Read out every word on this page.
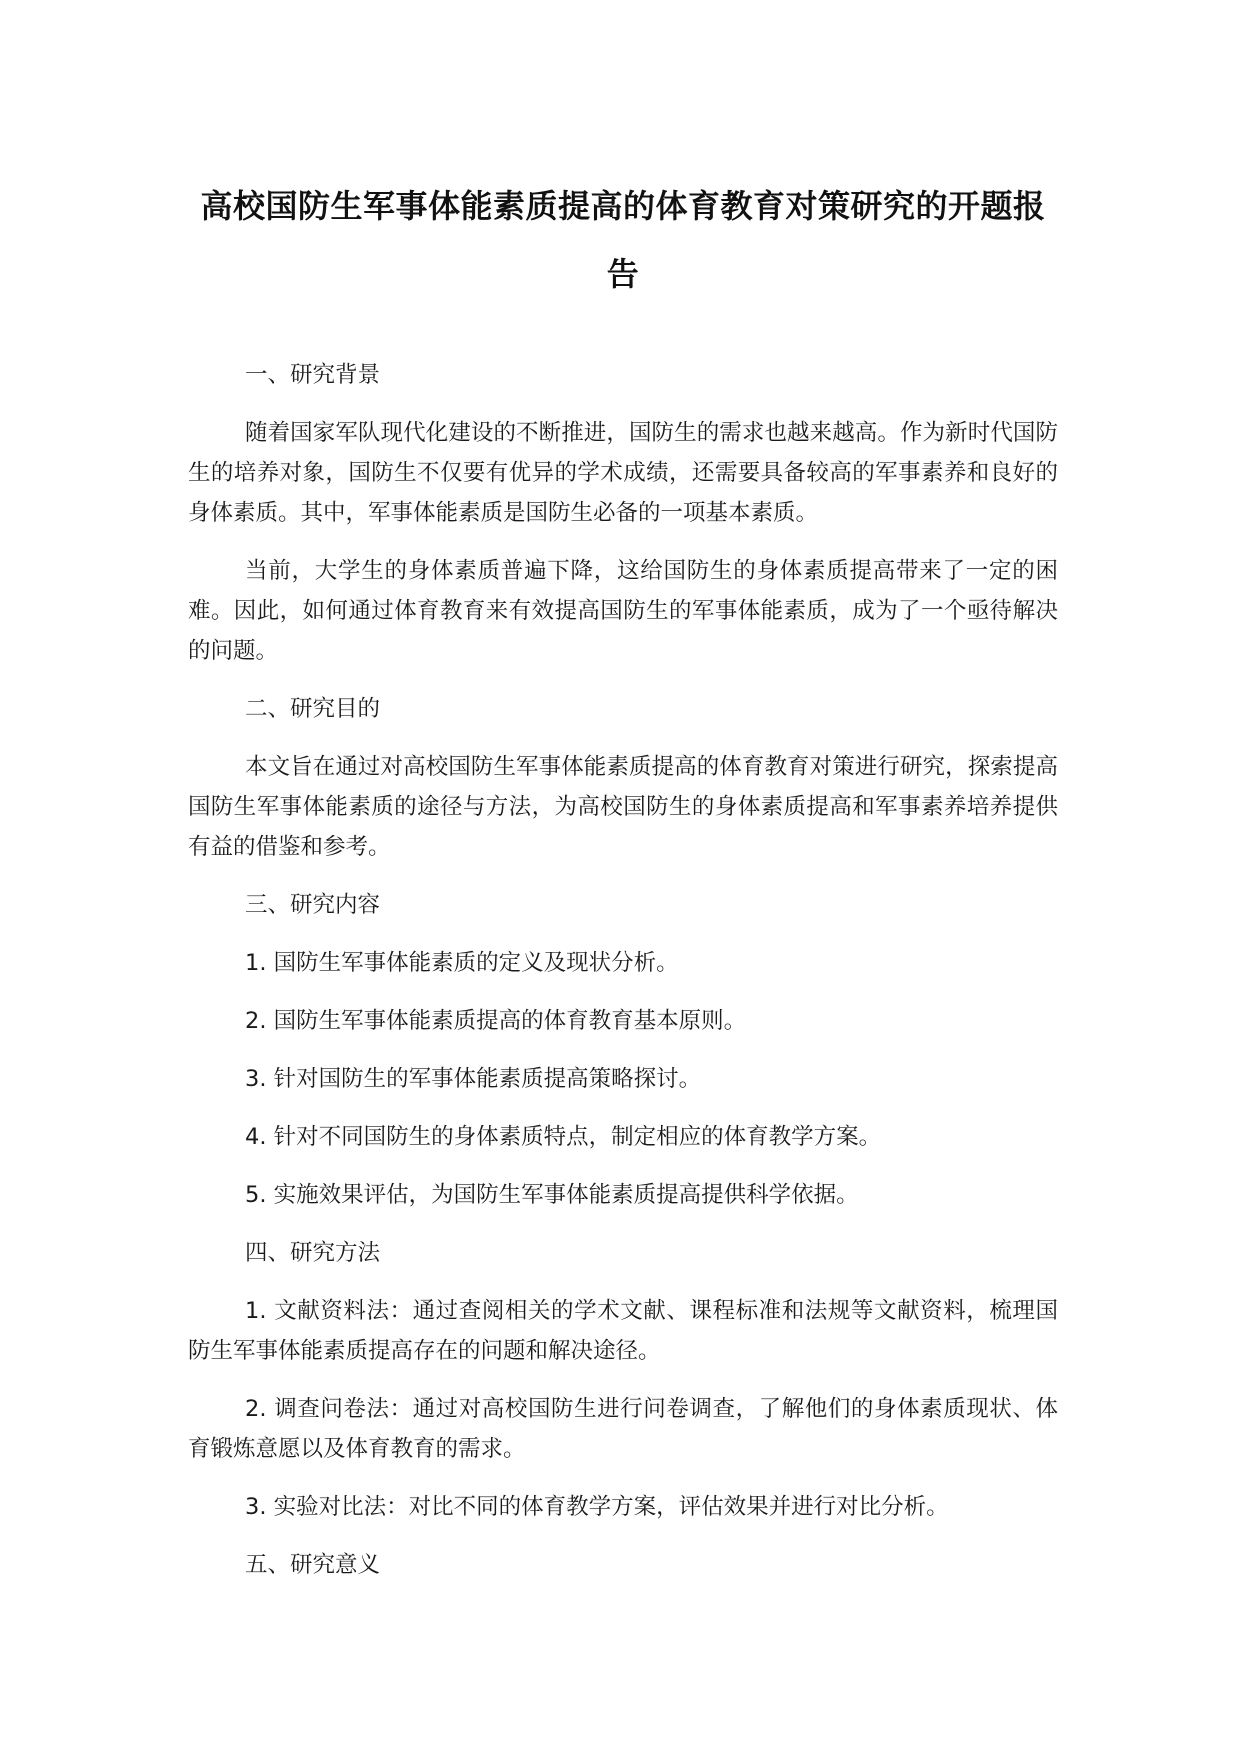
高校国防生军事体能素质提高的体育教育对策研究的开题报告

一、研究背景

随着国家军队现代化建设的不断推进，国防生的需求也越来越高。作为新时代国防生的培养对象，国防生不仅要有优异的学术成绩，还需要具备较高的军事素养和良好的身体素质。其中，军事体能素质是国防生必备的一项基本素质。

当前，大学生的身体素质普遍下降，这给国防生的身体素质提高带来了一定的困难。因此，如何通过体育教育来有效提高国防生的军事体能素质，成为了一个亟待解决的问题。

二、研究目的

本文旨在通过对高校国防生军事体能素质提高的体育教育对策进行研究，探索提高国防生军事体能素质的途径与方法，为高校国防生的身体素质提高和军事素养培养提供有益的借鉴和参考。

三、研究内容

1. 国防生军事体能素质的定义及现状分析。

2. 国防生军事体能素质提高的体育教育基本原则。

3. 针对国防生的军事体能素质提高策略探讨。

4. 针对不同国防生的身体素质特点，制定相应的体育教学方案。

5. 实施效果评估，为国防生军事体能素质提高提供科学依据。

四、研究方法

1. 文献资料法：通过查阅相关的学术文献、课程标准和法规等文献资料，梳理国防生军事体能素质提高存在的问题和解决途径。

2. 调查问卷法：通过对高校国防生进行问卷调查，了解他们的身体素质现状、体育锻炼意愿以及体育教育的需求。

3. 实验对比法：对比不同的体育教学方案，评估效果并进行对比分析。

五、研究意义
